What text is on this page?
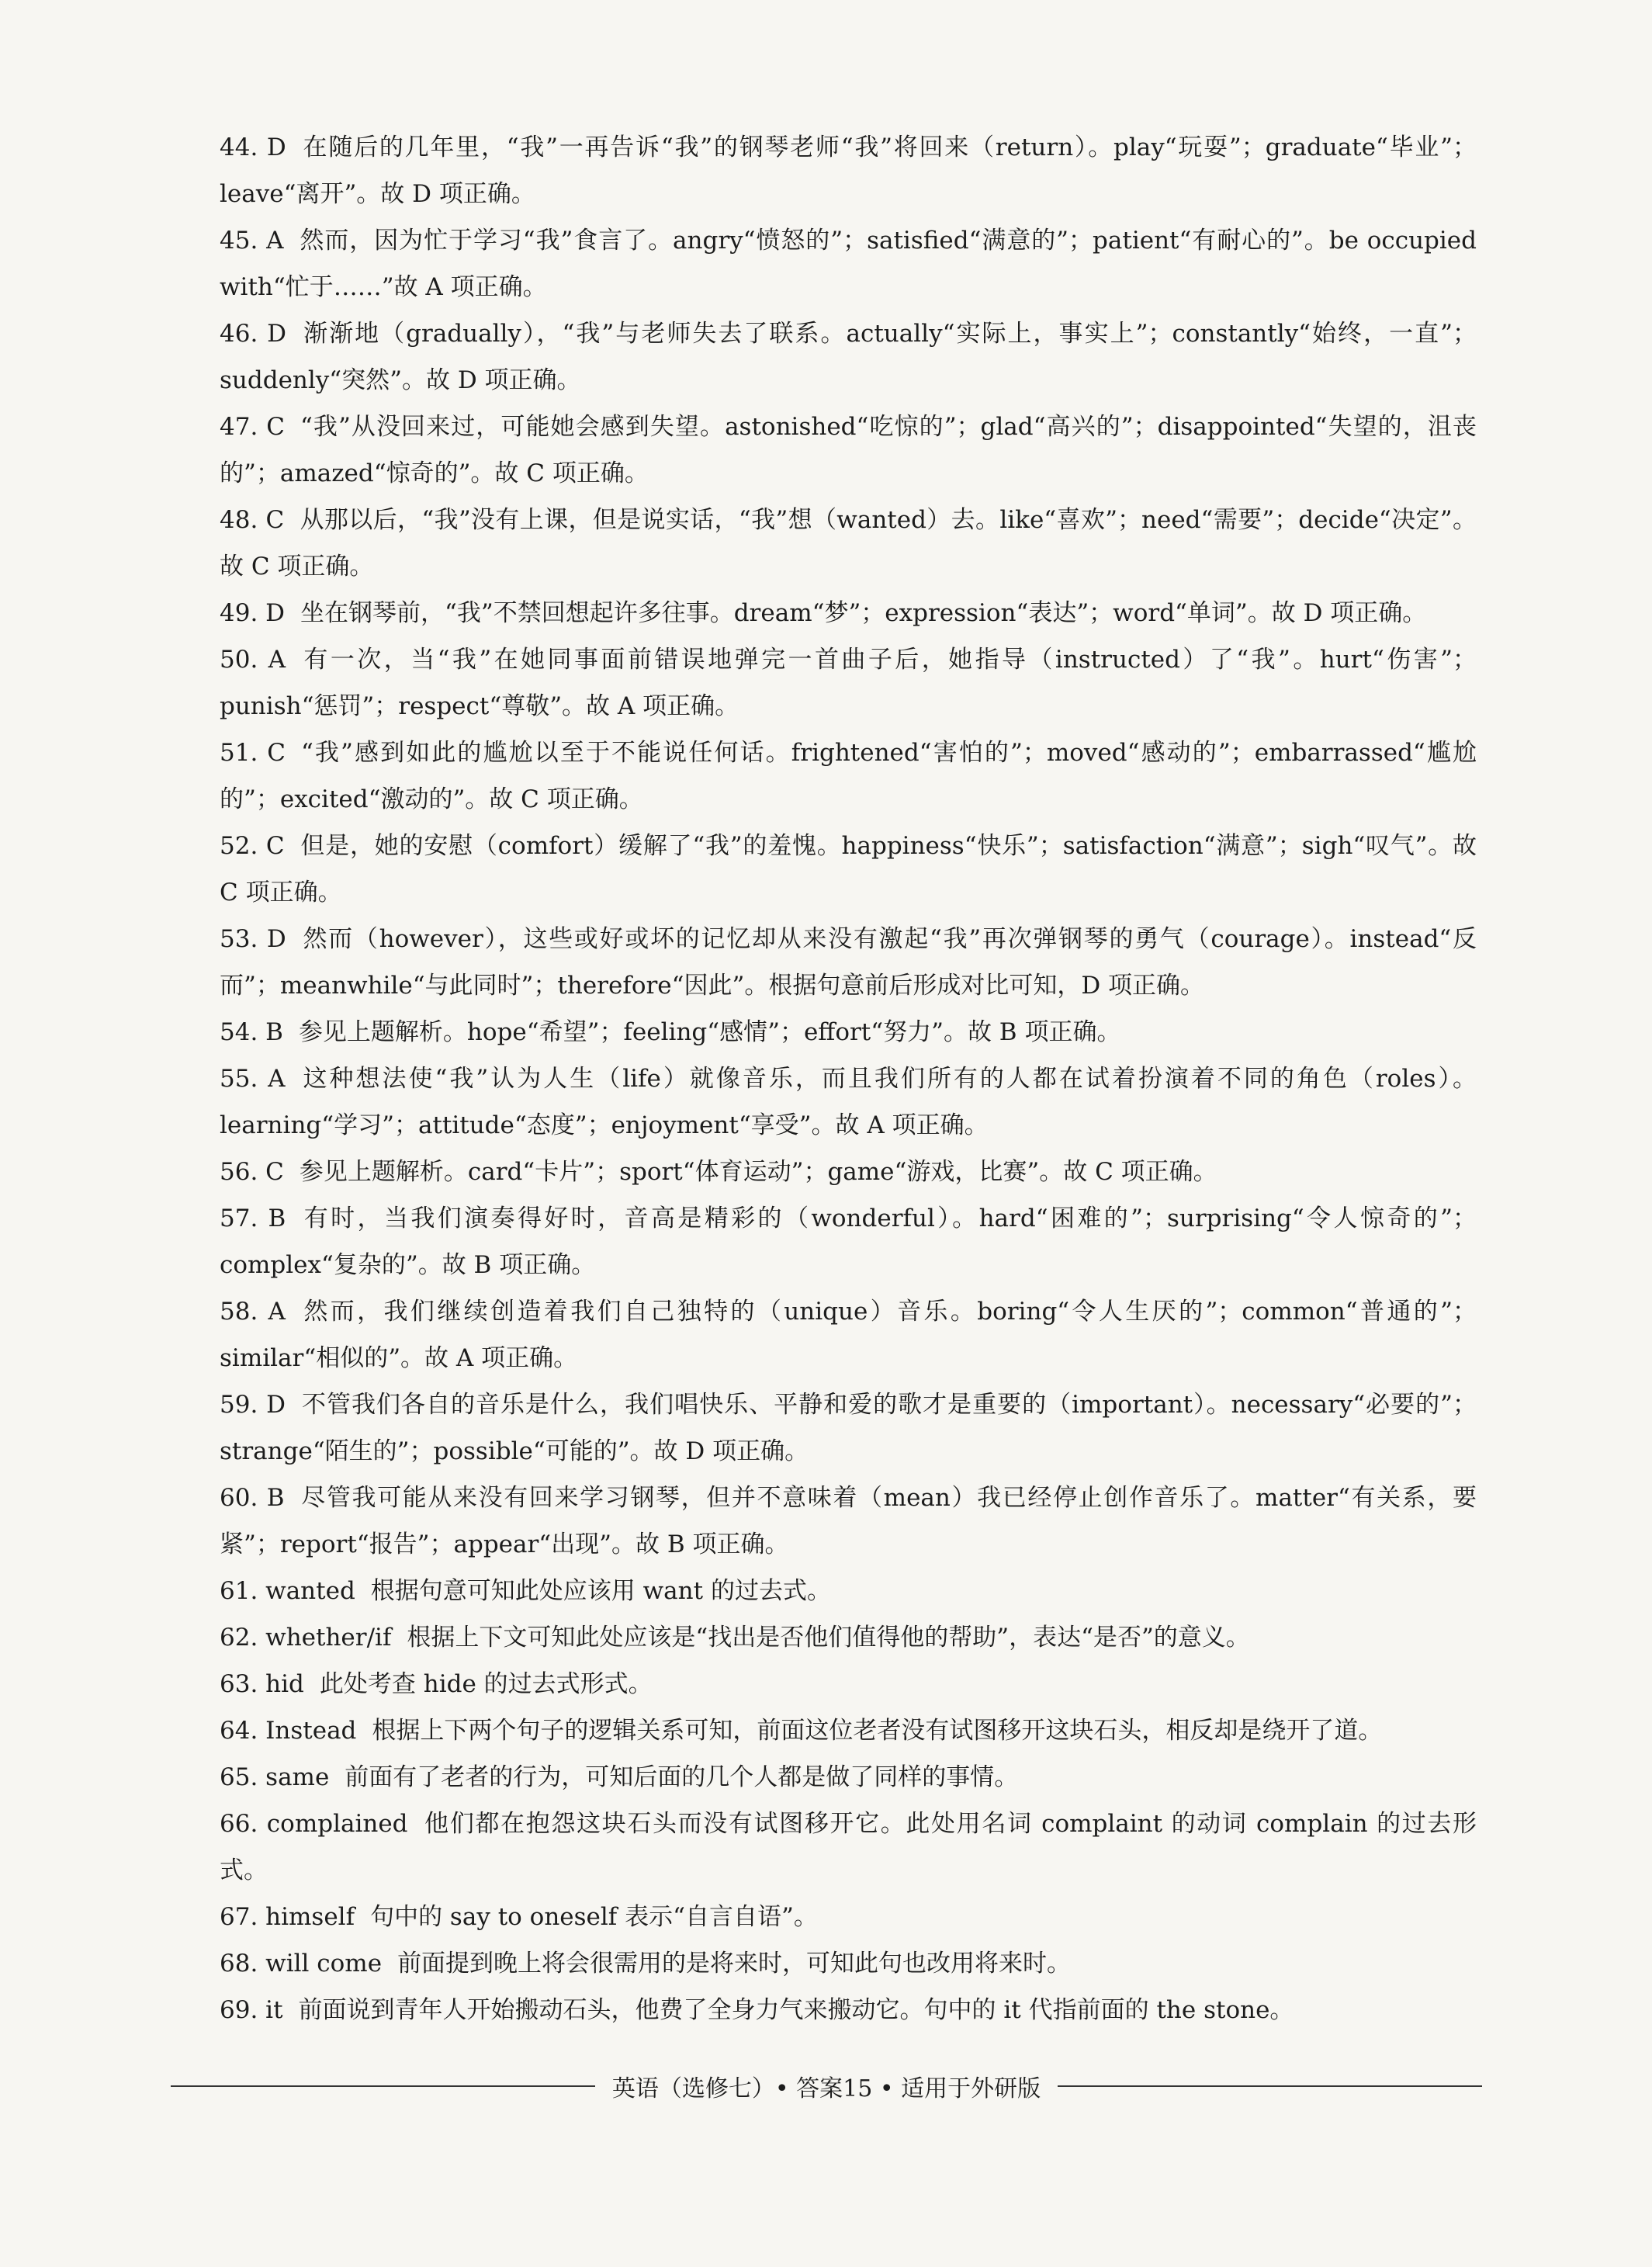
44. D 在随后的几年里，“我”一再告诉“我”的钢琴老师“我”将回来（return）。play“玩耍”；graduate“毕业”；leave“离开”。故 D 项正确。

45. A 然而，因为忙于学习“我”食言了。angry“愤怒的”；satisfied“满意的”；patient“有耐心的”。be occupied with“忙于……”故 A 项正确。

46. D 渐渐地（gradually），“我”与老师失去了联系。actually“实际上，事实上”；constantly“始终，一直”；suddenly“突然”。故 D 项正确。

47. C “我”从没回来过，可能她会感到失望。astonished“吃惊的”；glad“高兴的”；disappointed“失望的，沮丧的”；amazed“惊奇的”。故 C 项正确。

48. C 从那以后，“我”没有上课，但是说实话，“我”想（wanted）去。like“喜欢”；need“需要”；decide“决定”。故 C 项正确。

49. D 坐在钢琴前，“我”不禁回想起许多往事。dream“梦”；expression“表达”；word“单词”。故 D 项正确。

50. A 有一次，当“我”在她同事面前错误地弹完一首曲子后，她指导（instructed）了“我”。hurt“伤害”；punish“惩罚”；respect“尊敬”。故 A 项正确。

51. C “我”感到如此的尴尬以至于不能说任何话。frightened“害怕的”；moved“感动的”；embarrassed“尴尬的”；excited“激动的”。故 C 项正确。

52. C 但是，她的安慰（comfort）缓解了“我”的羞愧。happiness“快乐”；satisfaction“满意”；sigh“叹气”。故 C 项正确。

53. D 然而（however），这些或好或坏的记忆却从来没有激起“我”再次弹钢琴的勇气（courage）。instead“反而”；meanwhile“与此同时”；therefore“因此”。根据句意前后形成对比可知，D 项正确。

54. B 参见上题解析。hope“希望”；feeling“感情”；effort“努力”。故 B 项正确。

55. A 这种想法使“我”认为人生（life）就像音乐，而且我们所有的人都在试着扮演着不同的角色（roles）。learning“学习”；attitude“态度”；enjoyment“享受”。故 A 项正确。

56. C 参见上题解析。card“卡片”；sport“体育运动”；game“游戏，比赛”。故 C 项正确。

57. B 有时，当我们演奏得好时，音高是精彩的（wonderful）。hard“困难的”；surprising“令人惊奇的”；complex“复杂的”。故 B 项正确。

58. A 然而，我们继续创造着我们自己独特的（unique）音乐。boring“令人生厌的”；common“普通的”；similar“相似的”。故 A 项正确。

59. D 不管我们各自的音乐是什么，我们唱快乐、平静和爱的歌才是重要的（important）。necessary“必要的”；strange“陌生的”；possible“可能的”。故 D 项正确。

60. B 尽管我可能从来没有回来学习钢琴，但并不意味着（mean）我已经停止创作音乐了。matter“有关系，要紧”；report“报告”；appear“出现”。故 B 项正确。

61. wanted 根据句意可知此处应该用 want 的过去式。

62. whether/if 根据上下文可知此处应该是“找出是否他们值得他的帮助”，表达“是否”的意义。

63. hid 此处考查 hide 的过去式形式。

64. Instead 根据上下两个句子的逻辑关系可知，前面这位老者没有试图移开这块石头，相反却是绕开了道。

65. same 前面有了老者的行为，可知后面的几个人都是做了同样的事情。

66. complained 他们都在抱怨这块石头而没有试图移开它。此处用名词 complaint 的动词 complain 的过去形式。

67. himself 句中的 say to oneself 表示“自言自语”。

68. will come 前面提到晚上将会很需用的是将来时，可知此句也改用将来时。

69. it 前面说到青年人开始搬动石头，他费了全身力气来搬动它。句中的 it 代指前面的 the stone。

英语（选修七）• 答案15 • 适用于外研版
